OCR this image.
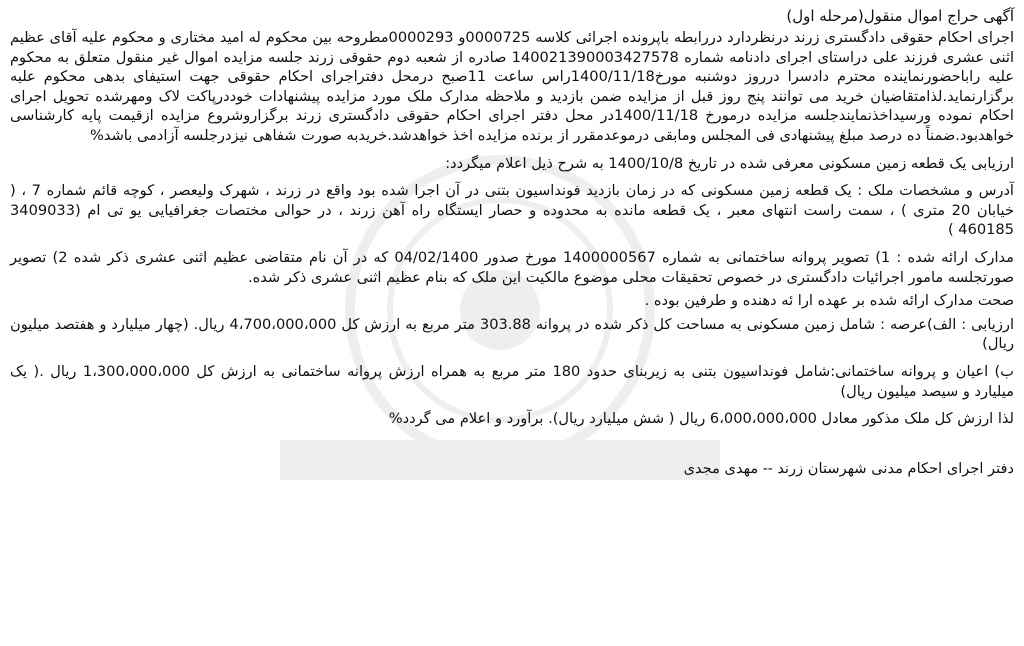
آگهی حراج اموال منقول(مرحله اول)

اجرای احکام حقوقی دادگستری زرند درنظردارد دررابطه باپرونده اجرائی کلاسه 0000725و 0000293مطروحه بین محکوم له امید مختاری و محکوم علیه آقای عظیم اثنی عشری فرزند علی دراستای اجرای دادنامه شماره 140021390003427578 صادره از شعبه دوم حقوقی زرند جلسه مزایده اموال غیر منقول متعلق به محکوم علیه رابا‌حضورنماینده محترم دادسرا درروز دوشنبه مورخ1400/11/18راس ساعت 11صبح درمحل دفتراجرای احکام حقوقی جهت استیفای بدهی محکوم علیه برگزارنماید.لذامتقاضیان خرید می توانند پنج روز قبل از مزایده ضمن بازدید و ملاحظه مدارک ملک مورد مزایده پیشنهادات خوددرپاکت لاک ومهرشده تحویل اجرای احکام نموده ورسیداخذنمایندجلسه مزایده درمورخ 1400/11/18در محل دفتر اجرای احکام حقوقی دادگستری زرند برگزاروشروع مزایده ازقیمت پایه کارشناسی خواهدبود.ضمناً ده درصد مبلغ پیشنهادی فی المجلس ومابقی درموعدمقرر از برنده مزایده اخذ خواهدشد.خریدبه صورت شفاهی نیزدرجلسه آزادمی باشد%

ارزیابی یک قطعه زمین مسکونی معرفی شده در تاریخ 1400/10/8 به شرح ذیل اعلام میگردد:

آدرس و مشخصات ملک : یک قطعه زمین مسکونی که در زمان بازدید فونداسیون بتنی در آن اجرا شده بود واقع در زرند ، شهرک ولیعصر ، کوچه قائم شماره 7 ، ( خیابان 20 متری ) ، سمت راست انتهای معبر ، یک قطعه مانده به محدوده و حصار ایستگاه راه آهن زرند ، در حوالی مختصات جغرافیایی یو تی ام (3409033 460185 )

مدارک ارائه شده : 1) تصویر پروانه ساختمانی به شماره 1400000567 مورخ صدور 04/02/1400 که در آن نام متقاضی عظیم اثنی عشری ذکر شده 2) تصویر صورتجلسه مامور اجرائیات دادگستری در خصوص تحقیقات محلی موضوع مالکیت این ملک که بنام عظیم اثنی عشری ذکر شده.

صحت مدارک ارائه شده بر عهده ارا ئه دهنده و طرفین بوده .

ارزیابی : الف)عرصه : شامل زمین مسکونی به مساحت کل ذکر شده در پروانه 303.88 متر مربع به ارزش کل 4،700،000،000 ریال. (چهار میلیارد و هفتصد میلیون ریال)

ب) اعیان و پروانه ساختمانی:شامل فونداسیون بتنی به زیربنای حدود 180 متر مربع به همراه ارزش پروانه ساختمانی به ارزش کل 1،300،000،000 ریال .( یک میلیارد و سیصد میلیون ریال)

لذا ارزش کل ملک مذکور معادل 6،000،000،000 ریال ( شش میلیارد ریال). برآورد و اعلام می گردد%

دفتر اجرای احکام مدنی شهرستان زرند -- مهدی مجدی
